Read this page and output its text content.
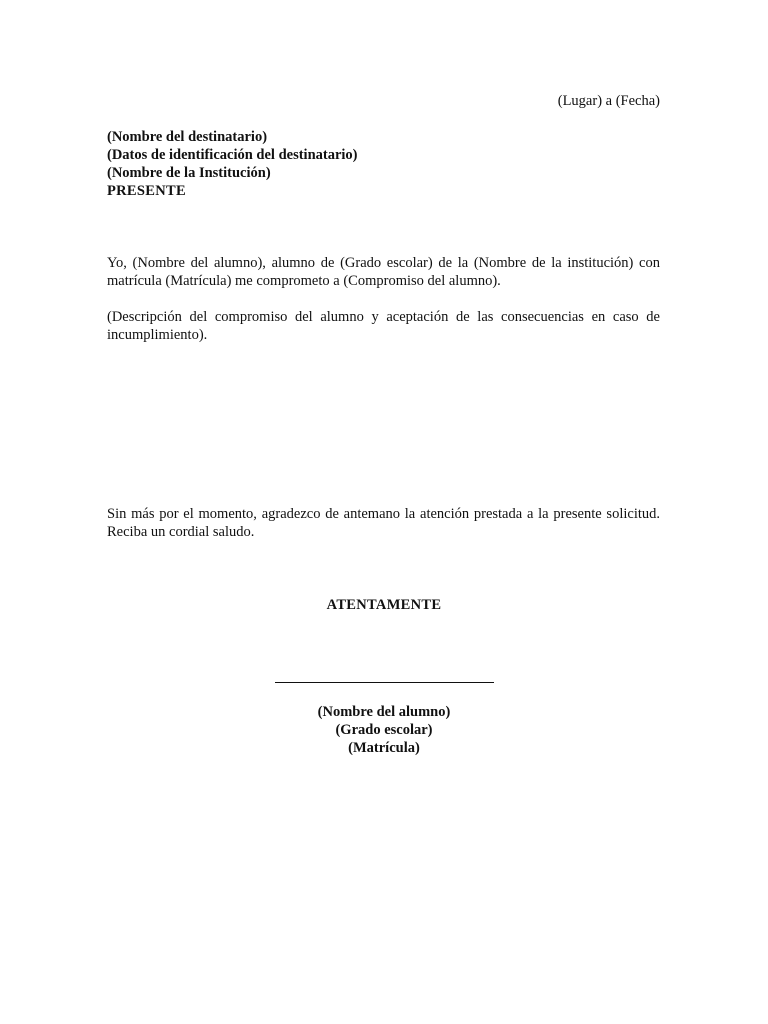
(Lugar) a (Fecha)
(Nombre del destinatario)
(Datos de identificación del destinatario)
(Nombre de la Institución)
PRESENTE
Yo, (Nombre del alumno), alumno de (Grado escolar) de la (Nombre de la institución) con matrícula (Matrícula) me comprometo a (Compromiso del alumno).
(Descripción del compromiso del alumno y aceptación de las consecuencias en caso de incumplimiento).
Sin más por el momento, agradezco de antemano la atención prestada a la presente solicitud. Reciba un cordial saludo.
ATENTAMENTE
(Nombre del alumno)
(Grado escolar)
(Matrícula)
